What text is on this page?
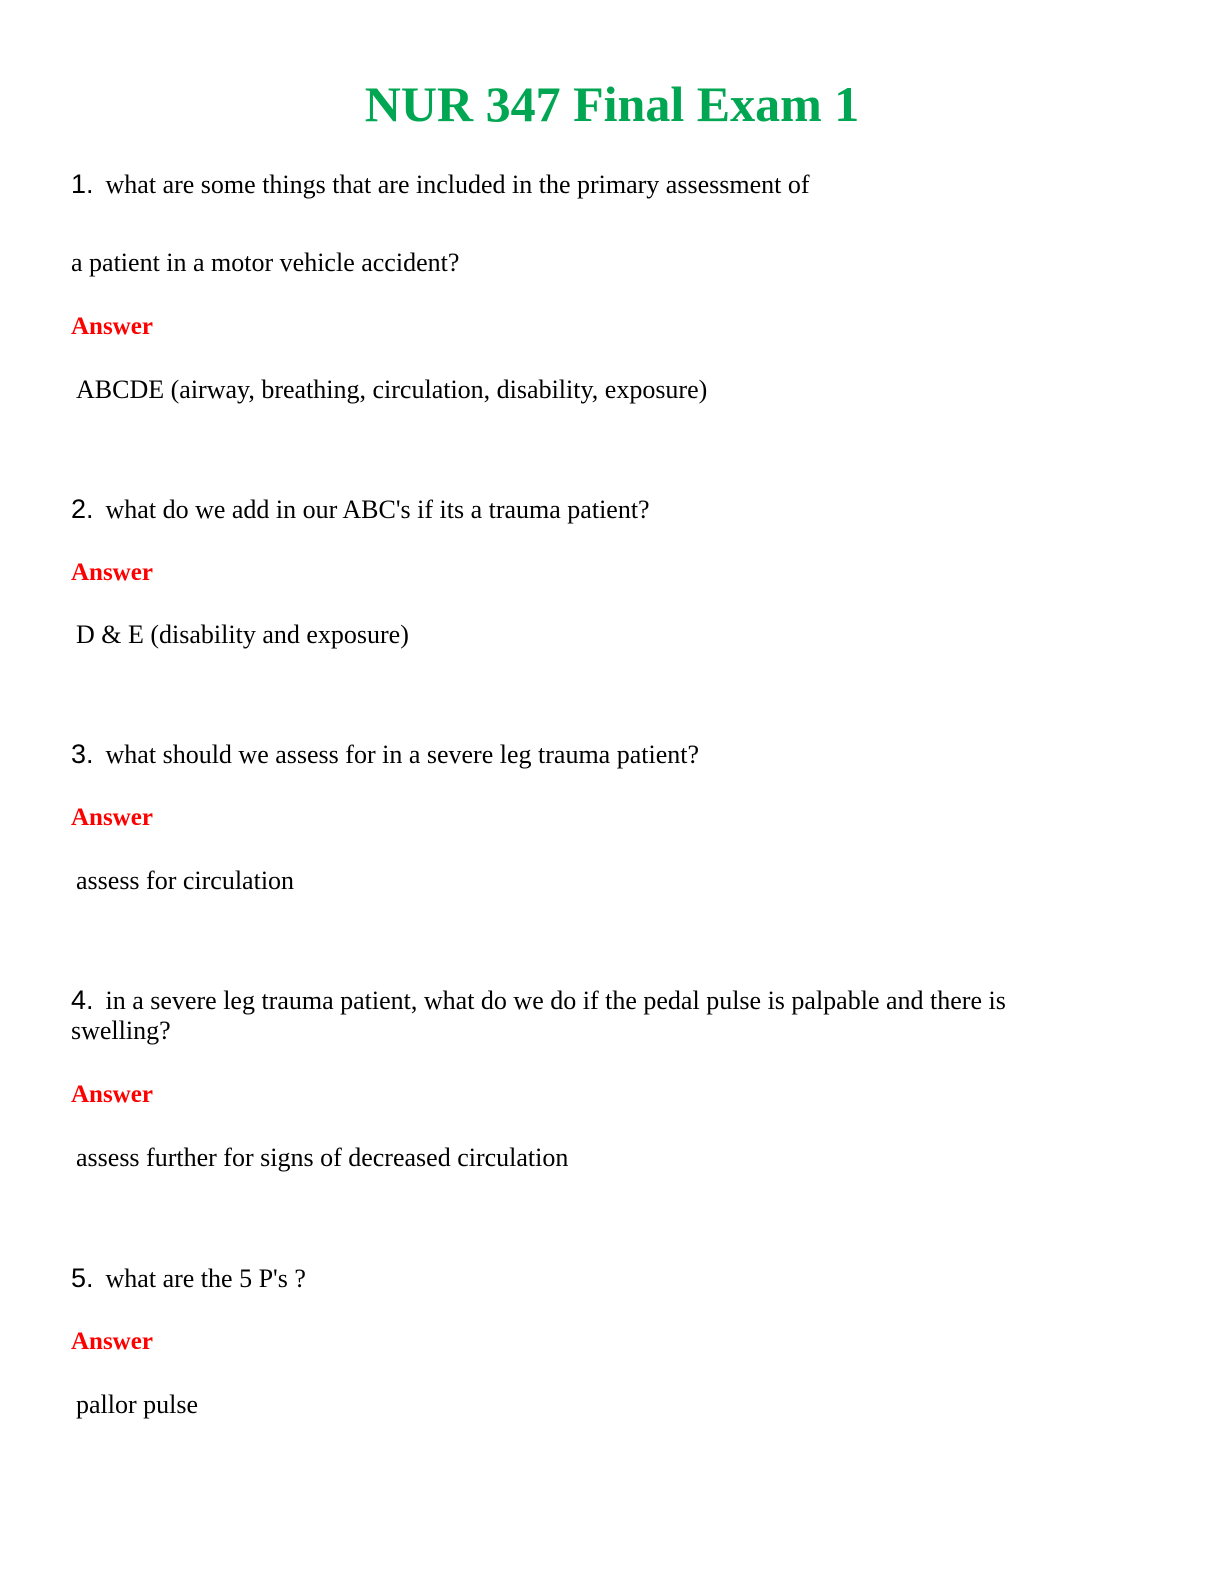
NUR 347 Final Exam 1
1. what are some things that are included in the primary assessment of
a patient in a motor vehicle accident?
Answer
ABCDE (airway, breathing, circulation, disability, exposure)
2. what do we add in our ABC's if its a trauma patient?
Answer
D & E (disability and exposure)
3. what should we assess for in a severe leg trauma patient?
Answer
assess for circulation
4. in a severe leg trauma patient, what do we do if the pedal pulse is palpable and there is
swelling?
Answer
assess further for signs of decreased circulation
5. what are the 5 P's ?
Answer
pallor pulse
